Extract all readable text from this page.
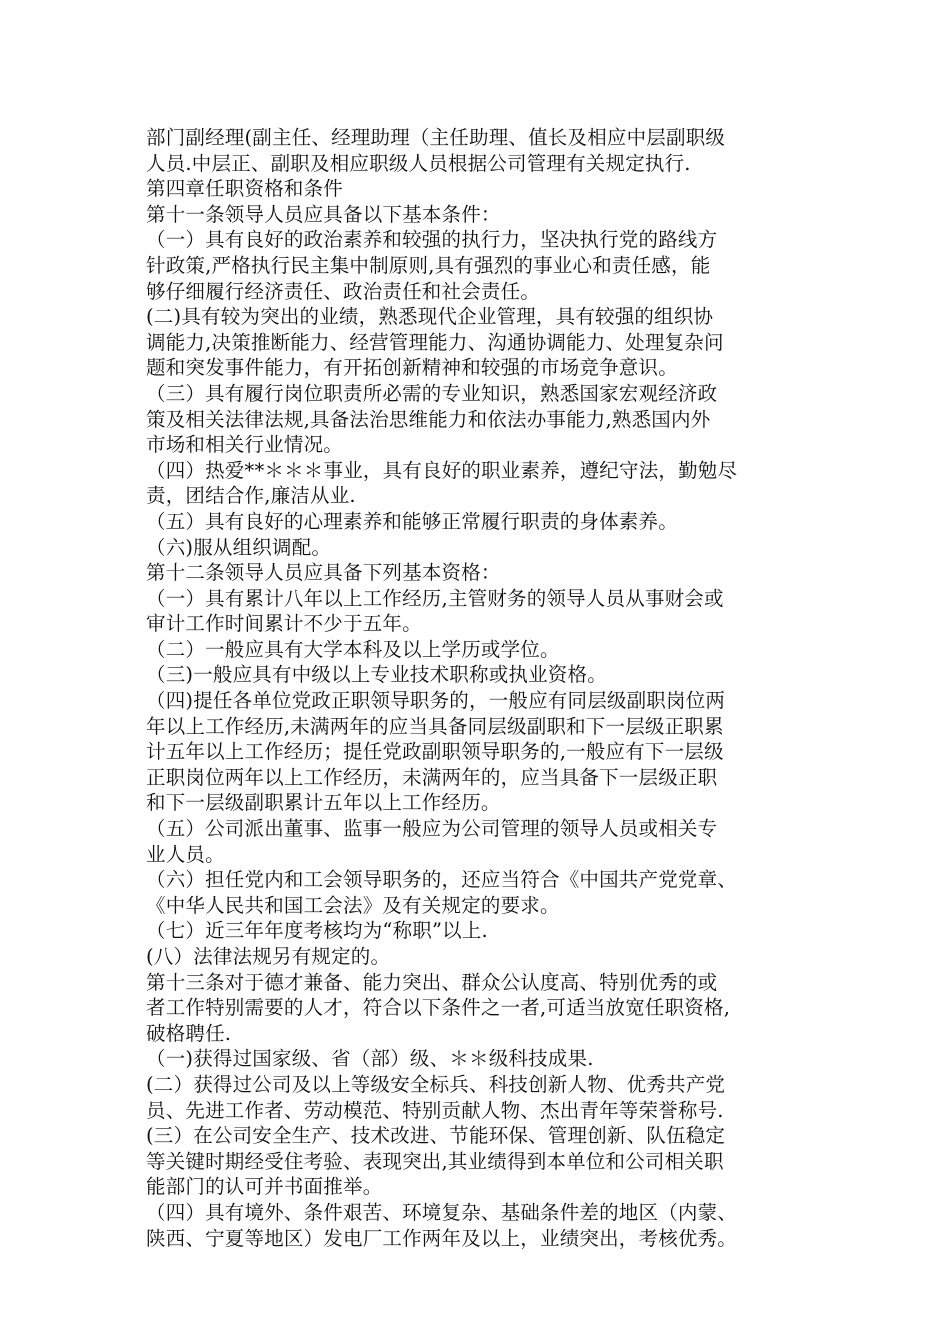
部门副经理(副主任、经理助理（主任助理、值长及相应中层副职级
人员.中层正、副职及相应职级人员根据公司管理有关规定执行.
第四章任职资格和条件
第十一条领导人员应具备以下基本条件：
（一）具有良好的政治素养和较强的执行力，坚决执行党的路线方
针政策,严格执行民主集中制原则,具有强烈的事业心和责任感，能
够仔细履行经济责任、政治责任和社会责任。
(二)具有较为突出的业绩，熟悉现代企业管理，具有较强的组织协
调能力,决策推断能力、经营管理能力、沟通协调能力、处理复杂问
题和突发事件能力，有开拓创新精神和较强的市场竞争意识。
（三）具有履行岗位职责所必需的专业知识，熟悉国家宏观经济政
策及相关法律法规,具备法治思维能力和依法办事能力,熟悉国内外
市场和相关行业情况。
（四）热爱**＊＊＊事业，具有良好的职业素养，遵纪守法，勤勉尽
责，团结合作,廉洁从业.
（五）具有良好的心理素养和能够正常履行职责的身体素养。
（六)服从组织调配。
第十二条领导人员应具备下列基本资格：
（一）具有累计八年以上工作经历,主管财务的领导人员从事财会或
审计工作时间累计不少于五年。
（二）一般应具有大学本科及以上学历或学位。
（三)一般应具有中级以上专业技术职称或执业资格。
（四)提任各单位党政正职领导职务的，一般应有同层级副职岗位两
年以上工作经历,未满两年的应当具备同层级副职和下一层级正职累
计五年以上工作经历；提任党政副职领导职务的,一般应有下一层级
正职岗位两年以上工作经历，未满两年的，应当具备下一层级正职
和下一层级副职累计五年以上工作经历。
（五）公司派出董事、监事一般应为公司管理的领导人员或相关专
业人员。
（六）担任党内和工会领导职务的，还应当符合《中国共产党党章、
《中华人民共和国工会法》及有关规定的要求。
（七）近三年年度考核均为“称职”以上.
(八）法律法规另有规定的。
第十三条对于德才兼备、能力突出、群众公认度高、特别优秀的或
者工作特别需要的人才，符合以下条件之一者,可适当放宽任职资格,
破格聘任.
（一)获得过国家级、省（部）级、＊＊级科技成果.
(二）获得过公司及以上等级安全标兵、科技创新人物、优秀共产党
员、先进工作者、劳动模范、特别贡献人物、杰出青年等荣誉称号.
(三）在公司安全生产、技术改进、节能环保、管理创新、队伍稳定
等关键时期经受住考验、表现突出,其业绩得到本单位和公司相关职
能部门的认可并书面推举。
（四）具有境外、条件艰苦、环境复杂、基础条件差的地区（内蒙、
陕西、宁夏等地区）发电厂工作两年及以上，业绩突出，考核优秀。
